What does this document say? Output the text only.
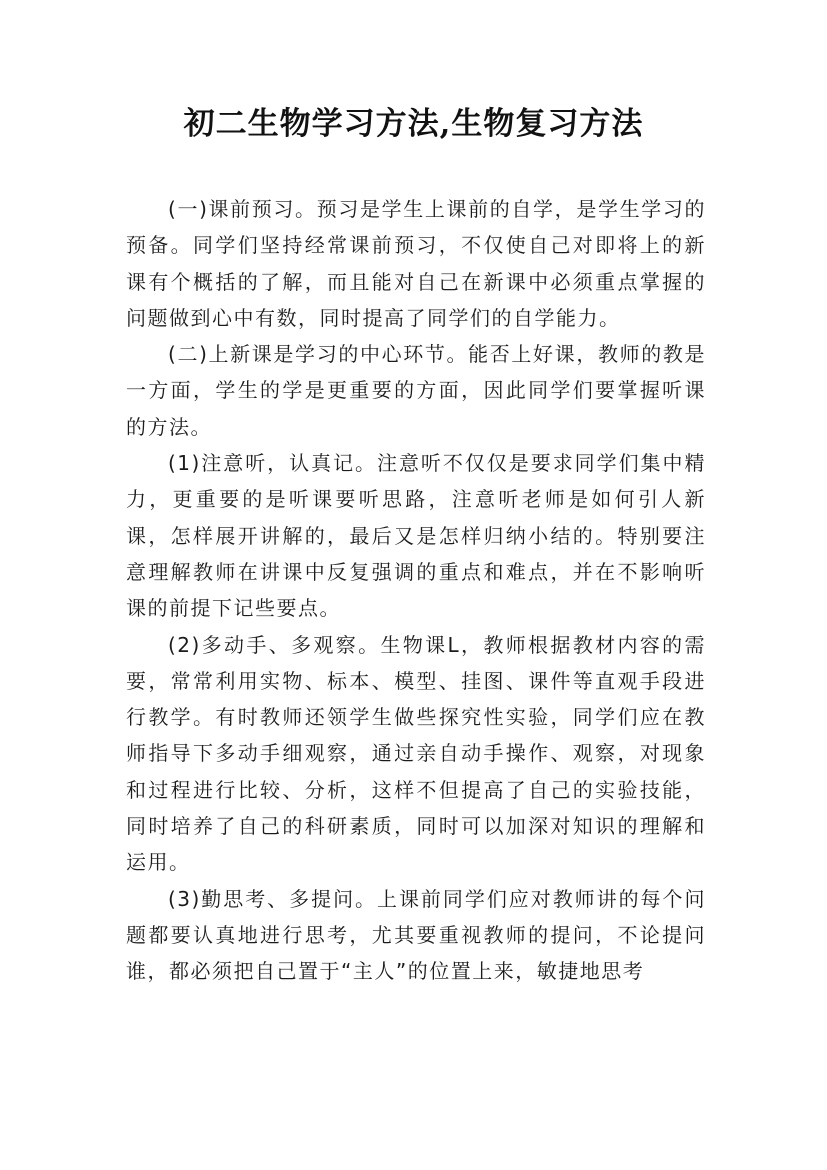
初二生物学习方法,生物复习方法

(一)课前预习。预习是学生上课前的自学，是学生学习的预备。同学们坚持经常课前预习，不仅使自己对即将上的新课有个概括的了解，而且能对自己在新课中必须重点掌握的问题做到心中有数，同时提高了同学们的自学能力。

(二)上新课是学习的中心环节。能否上好课，教师的教是一方面，学生的学是更重要的方面，因此同学们要掌握听课的方法。

(1)注意听，认真记。注意听不仅仅是要求同学们集中精力，更重要的是听课要听思路，注意听老师是如何引人新课，怎样展开讲解的，最后又是怎样归纳小结的。特别要注意理解教师在讲课中反复强调的重点和难点，并在不影响听课的前提下记些要点。

(2)多动手、多观察。生物课L，教师根据教材内容的需要，常常利用实物、标本、模型、挂图、课件等直观手段进行教学。有时教师还领学生做些探究性实验，同学们应在教师指导下多动手细观察，通过亲自动手操作、观察，对现象和过程进行比较、分析，这样不但提高了自己的实验技能，同时培养了自己的科研素质，同时可以加深对知识的理解和运用。

(3)勤思考、多提问。上课前同学们应对教师讲的每个问题都要认真地进行思考，尤其要重视教师的提问，不论提问谁，都必须把自己置于“主人”的位置上来，敏捷地思考
